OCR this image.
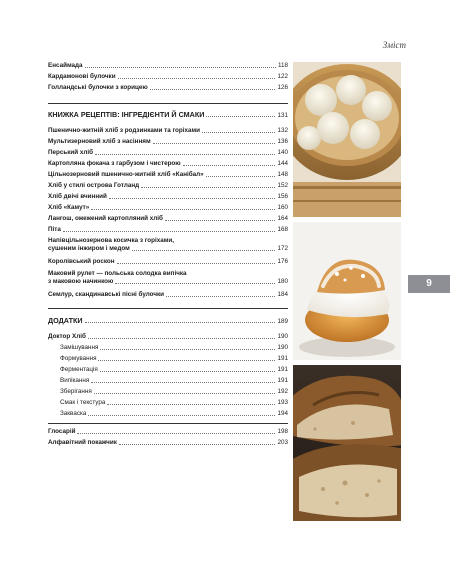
Зміст
Енсаймада	118
Кардамонові булочки	122
Голландські булочки з корицею	126
КНИЖКА РЕЦЕПТІВ: ІНГРЕДІЄНТИ Й СМАКИ	131
Пшенично-житній хліб з родзинками та горіхами	132
Мультизерновий хліб з насінням	136
Перський хліб	140
Картопляна фокача з гарбузом і чистерою	144
Цільнозерновий пшенично-житній хліб «Канібал»	148
Хліб у стилі острова Готланд	152
Хліб двічі вчинний	156
Хліб «Камут»	160
Лангош, ожежений картопляний хліб	164
Піта	168
Напівцільнозернова косичка з горіхами,
сушеним інжиром і медом	172
Королівський роскон	176
Маковий рулет — польська солодка випічка
з маковою начинкою	180
Семлур, скандинавські пісні булочки	184
ДОДАТКИ	189
Доктор Хліб	190
Замішування	190
Формування	191
Ферментація	191
Випікання	191
Зберігання	192
Смак і текстура	193
Закваска	194
Глосарій	198
Алфавітний покажчик	203
9
